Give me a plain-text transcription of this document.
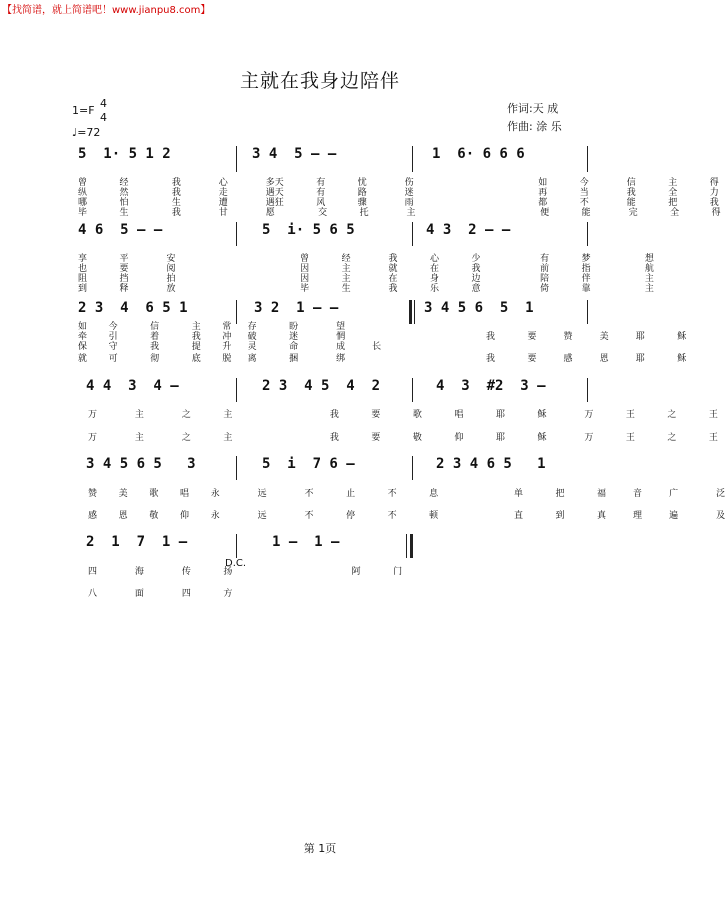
【找简谱，就上简谱吧！www.jianpu8.com】
主就在我身边陪伴
1=F
4
4
♩=72
作词:天 成
作曲: 涂 乐
5  1· 5 1 2	3 4  5 — —	1  6· 6 6 6
曾      经        我       心       多天      有      忧       伤                       如      今       信      主      得
纵      然        我       走       遇天      有      路       迷                       再      当       我      全      力
哪      怕        生       遭       遇狂      风      骤       雨                       都      不       能      把      我
毕      生        我       甘       愿        交      托       主                       便      能       完      全      得
4 6  5 — —	5  i· 5 6 5	4 3  2 — —
享      平       安                       曾      经       我      心      少           有      梦          想
也      要       阅                       因      主       就      在      我           前      指          航
阻      挡       拍                       因      主       在      身      边           陪      伴          主
到      释       放                       毕      生       我      乐      意           倚      靠          主
2 3  4  6 5 1	3 2  1 — —	3 4 5 6  5  1
如    今      信      主    常   存      盼       望
牵    引      着      我    冲   破      迷       惘                          我      要     赞     美     耶      稣
保    守      我      提    升   灵      命       成     长
就    可      彻      底    脱   离      捆       绑                          我      要     感     恩     耶      稣
4 4  3  4 —	2 3  4 5  4  2	4  3  #2  3 —
万       主       之      主                  我      要      歌      唱      耶      稣       万      王      之      王
万       主       之      主                  我      要      敬      仰      耶      稣       万      王      之      王
3 4 5 6 5   3	5  i  7 6 —	2 3 4 6 5   1
赞    美    歌    唱    永       远       不      止      不      息              单      把      福     音     广       泛
感    恩    敬    仰    永       远       不      停      不      顿              直      到      真     理     遍       及
2  1  7  1 —	1 —  1 —
D.C.
四       海       传      扬                      阿      门
八       面       四      方
第 1页
